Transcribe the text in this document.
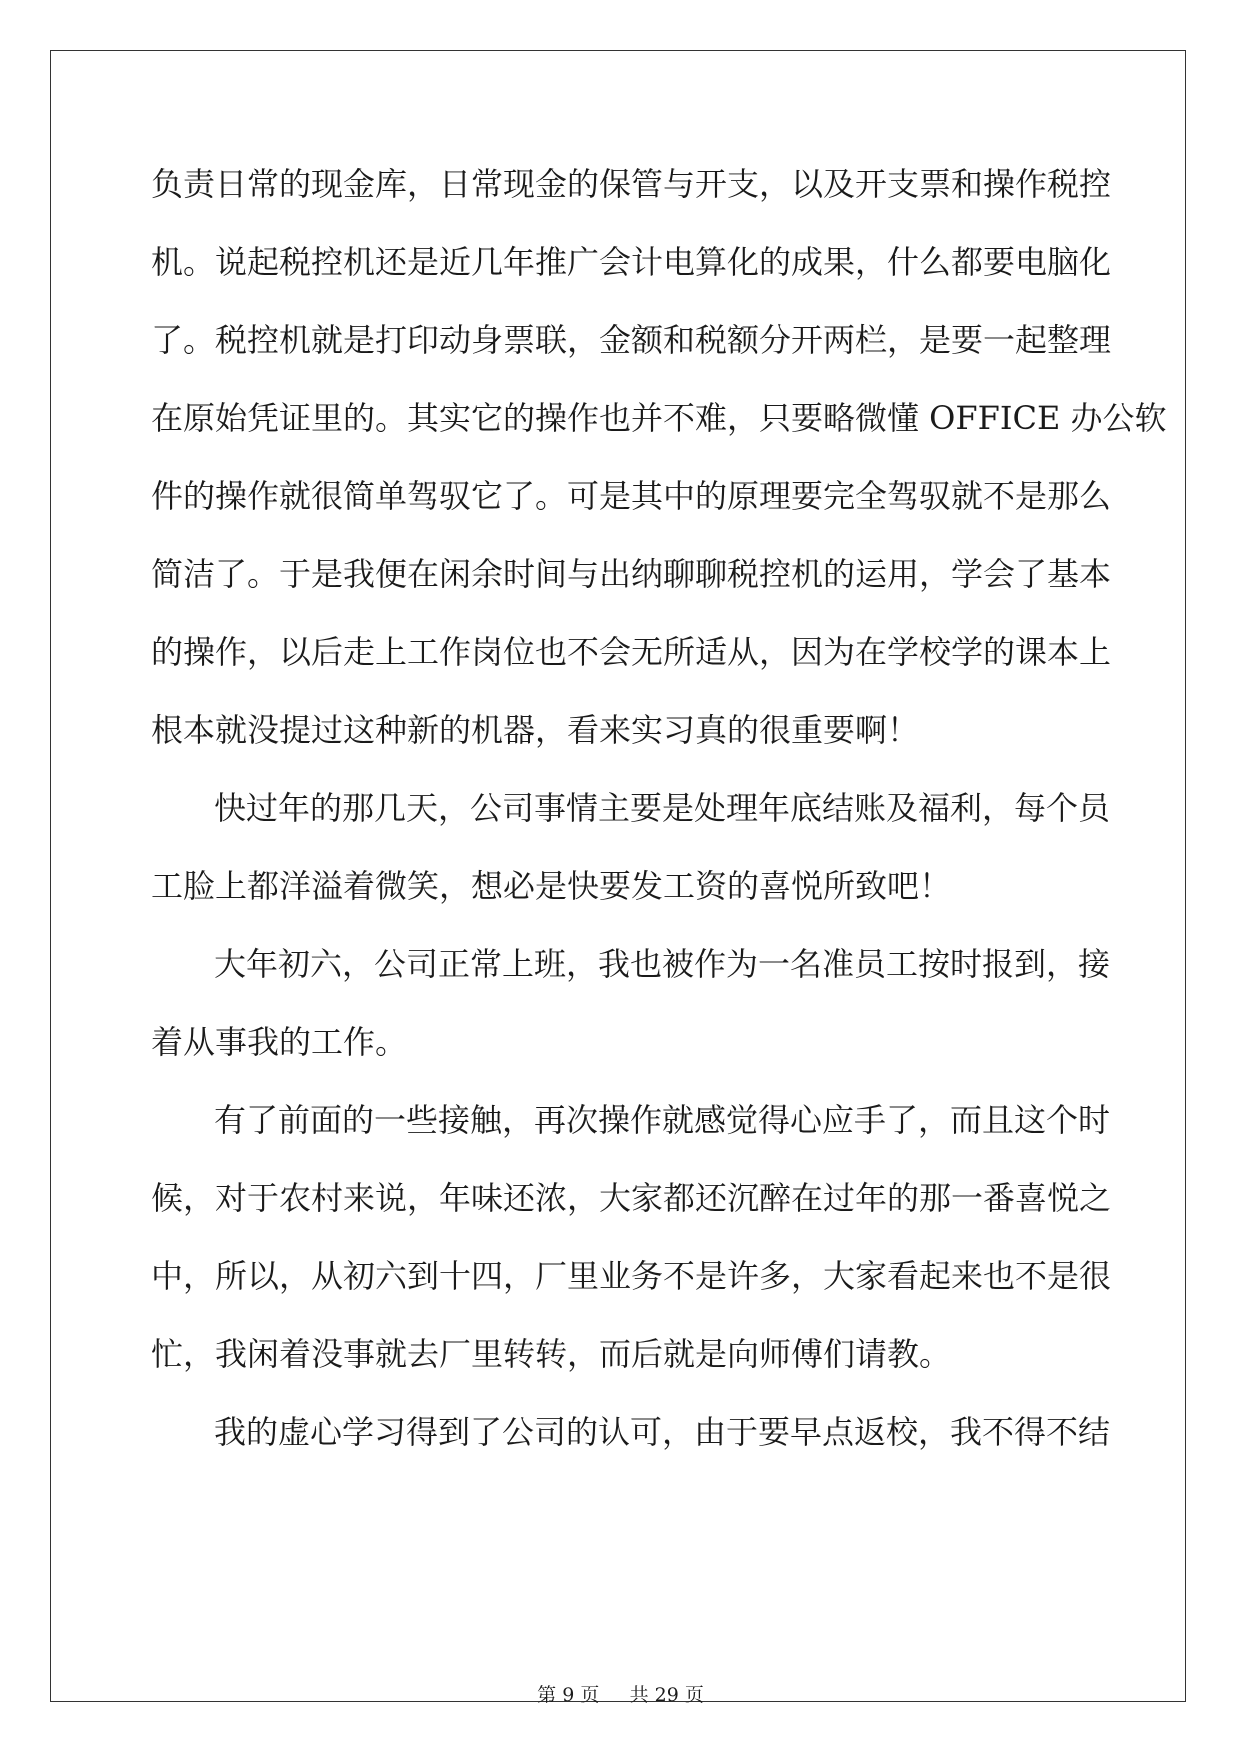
负责日常的现金库，日常现金的保管与开支，以及开支票和操作税控
机。说起税控机还是近几年推广会计电算化的成果，什么都要电脑化
了。税控机就是打印动身票联，金额和税额分开两栏，是要一起整理
在原始凭证里的。其实它的操作也并不难，只要略微懂 OFFICE 办公软
件的操作就很简单驾驭它了。可是其中的原理要完全驾驭就不是那么
简洁了。于是我便在闲余时间与出纳聊聊税控机的运用，学会了基本
的操作，以后走上工作岗位也不会无所适从，因为在学校学的课本上
根本就没提过这种新的机器，看来实习真的很重要啊！
快过年的那几天，公司事情主要是处理年底结账及福利，每个员
工脸上都洋溢着微笑，想必是快要发工资的喜悦所致吧！
大年初六，公司正常上班，我也被作为一名准员工按时报到，接
着从事我的工作。
有了前面的一些接触，再次操作就感觉得心应手了，而且这个时
候，对于农村来说，年味还浓，大家都还沉醉在过年的那一番喜悦之
中，所以，从初六到十四，厂里业务不是许多，大家看起来也不是很
忙，我闲着没事就去厂里转转，而后就是向师傅们请教。
我的虚心学习得到了公司的认可，由于要早点返校，我不得不结
第 9 页 共 29 页
